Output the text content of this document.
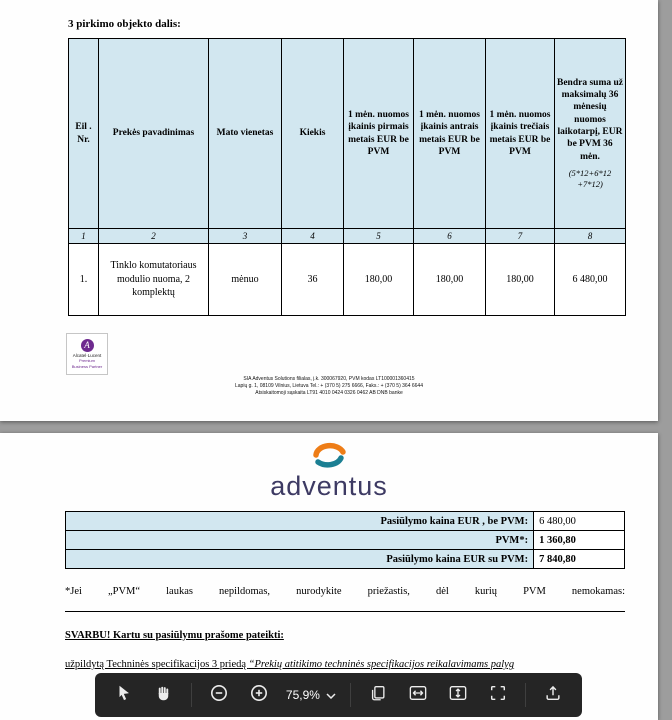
3 pirkimo objekto dalis:
Eil . Nr.	Prekės pavadinimas	Mato vienetas	Kiekis	1 mėn. nuomos įkainis pirmais metais EUR be PVM	1 mėn. nuomos įkainis antrais metais EUR be PVM	1 mėn. nuomos įkainis trečiais metais EUR be PVM	Bendra suma už maksimalų 36 mėnesių nuomos laikotarpį, EUR be PVM 36 mėn.
(5*12+6*12 +7*12)

1	2	3	4	5	6	7	8
1.	Tinklo komutatoriaus modulio nuoma, 2 komplektų	mėnuo	36	180,00	180,00	180,00	6 480,00
A
Alcatel·Lucent
Premium
Business Partner
SIA Adventus Solutions filialas, į.k. 300067920, PVM kodas LT100001360415
Lapių g. 1, 08109 Vilnius, Lietuva Tel.: + (370 5) 275 6666, Faks.: + (370 5) 364 6644
Atsiskaitomoji sąskaita LT91 4010 0424 0326 0462 AB DNB banke
adventus
Pasiūlymo kaina EUR , be PVM:	6 480,00
PVM*:	1 360,80
Pasiūlymo kaina EUR su PVM:	7 840,80
*Jei „PVM“ laukas nepildomas, nurodykite priežastis, dėl kurių PVM nemokamas:
SVARBU! Kartu su pasiūlymu prašome pateikti:
užpildytą Techninės specifikacijos 3 priedą “Prekių atitikimo techninės specifikacijos reikalavimams palyg
75,9%
